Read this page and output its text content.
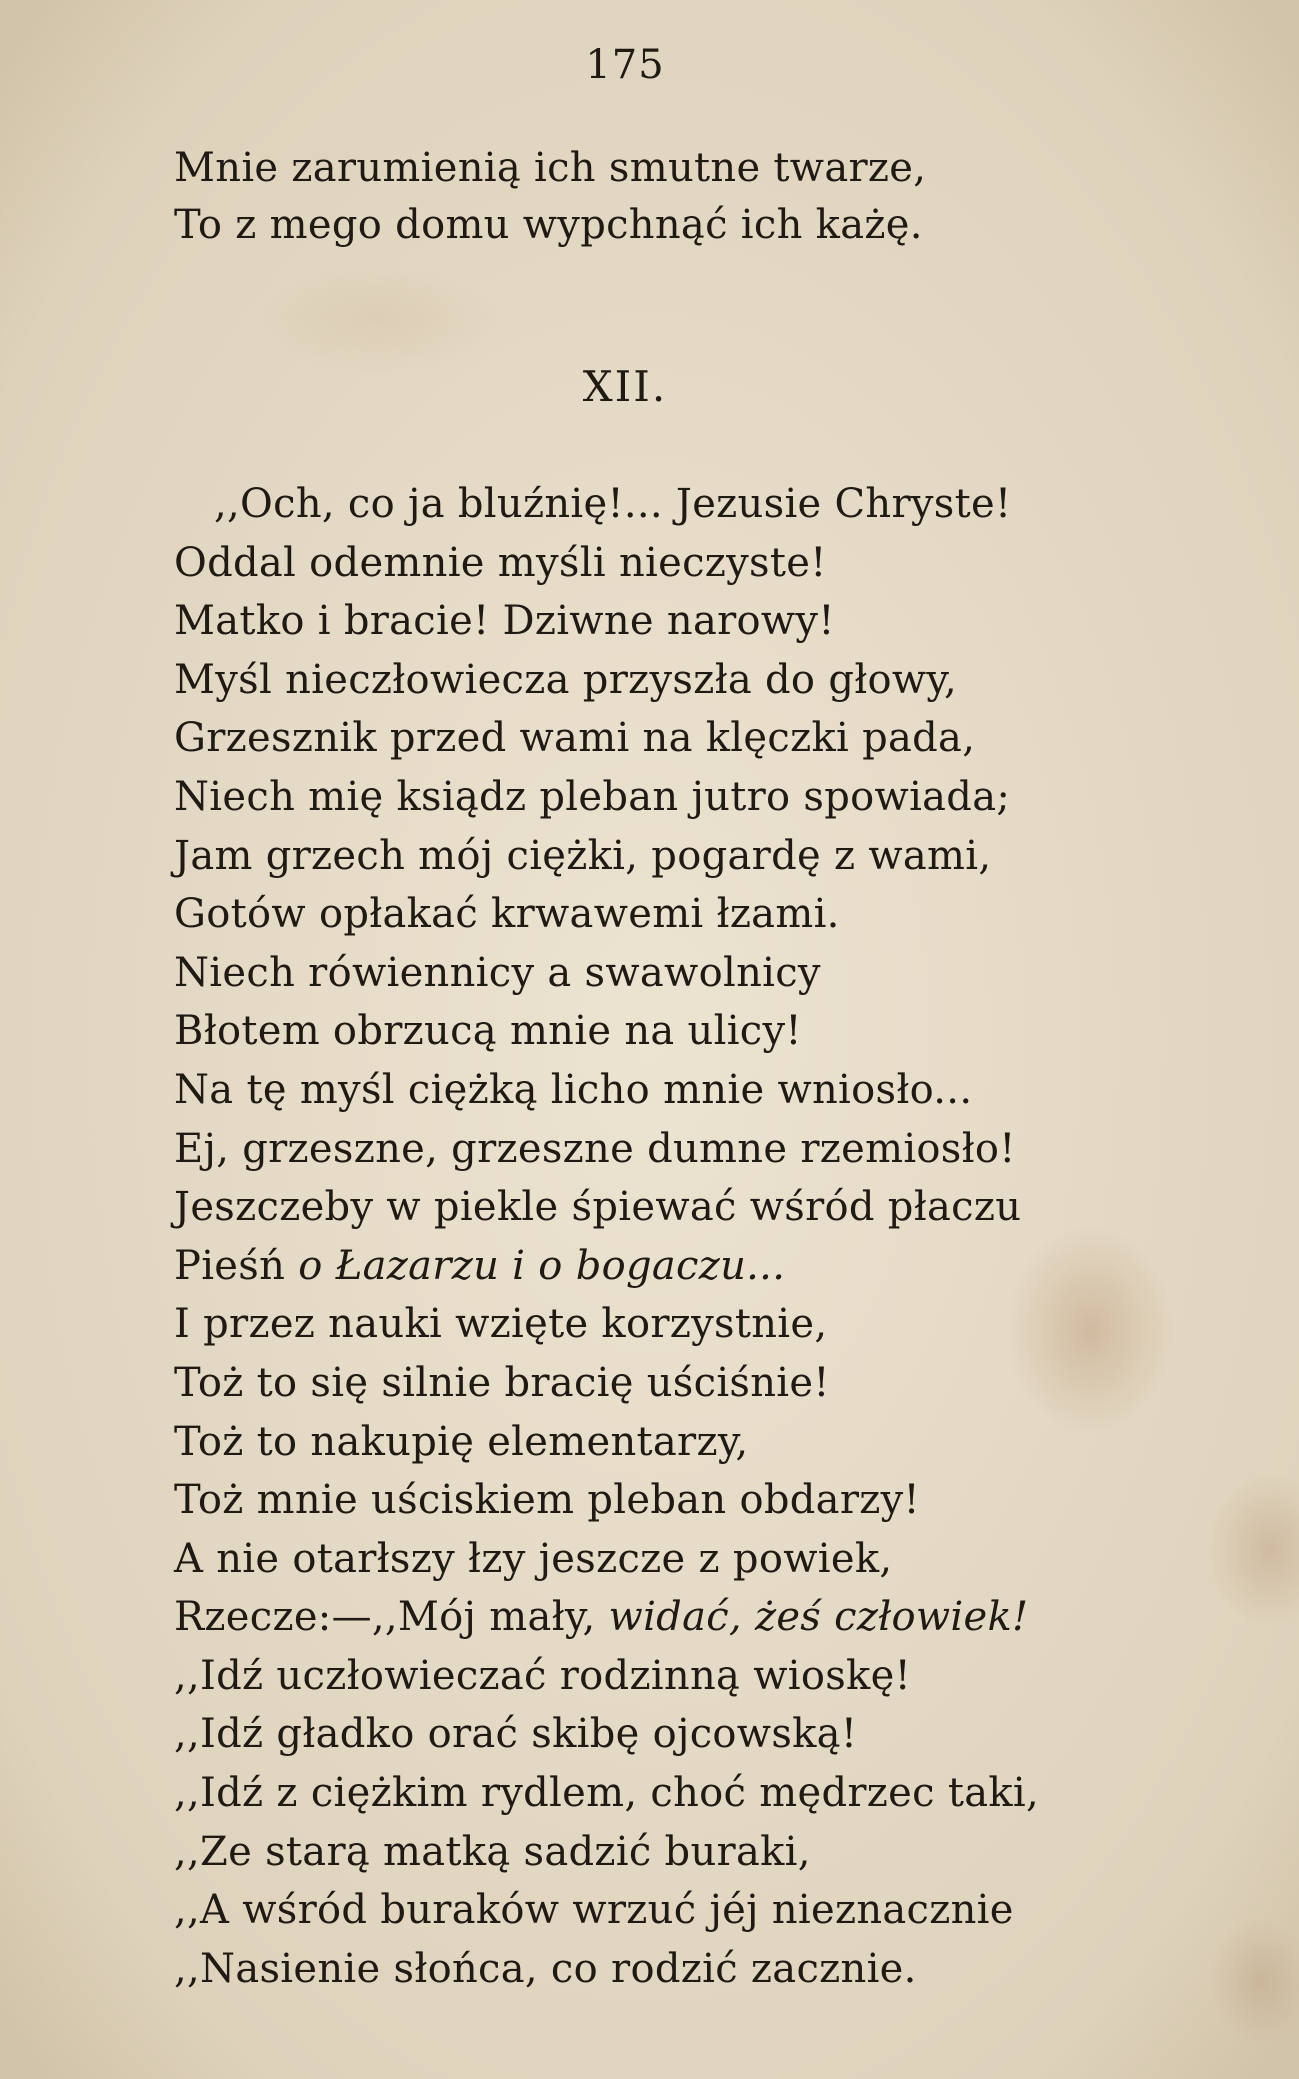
175
Mnie zarumienią ich smutne twarze,
To z mego domu wypchnąć ich każę.
XII.
,,Och, co ja bluźnię!... Jezusie Chryste!
Oddal odemnie myśli nieczyste!
Matko i bracie! Dziwne narowy!
Myśl nieczłowiecza przyszła do głowy,
Grzesznik przed wami na klęczki pada,
Niech mię ksiądz pleban jutro spowiada;
Jam grzech mój ciężki, pogardę z wami,
Gotów opłakać krwawemi łzami.
Niech rówiennicy a swawolnicy
Błotem obrzucą mnie na ulicy!
Na tę myśl ciężką licho mnie wniosło...
Ej, grzeszne, grzeszne dumne rzemiosło!
Jeszczeby w piekle śpiewać wśród płaczu
Pieśń o Łazarzu i o bogaczu...
I przez nauki wzięte korzystnie,
Toż to się silnie bracię uściśnie!
Toż to nakupię elementarzy,
Toż mnie uściskiem pleban obdarzy!
A nie otarłszy łzy jeszcze z powiek,
Rzecze:—,,Mój mały, widać, żeś człowiek!
,,Idź uczłowieczać rodzinną wioskę!
,,Idź gładko orać skibę ojcowską!
,,Idź z ciężkim rydlem, choć mędrzec taki,
,,Ze starą matką sadzić buraki,
,,A wśród buraków wrzuć jéj nieznacznie
,,Nasienie słońca, co rodzić zacznie.
